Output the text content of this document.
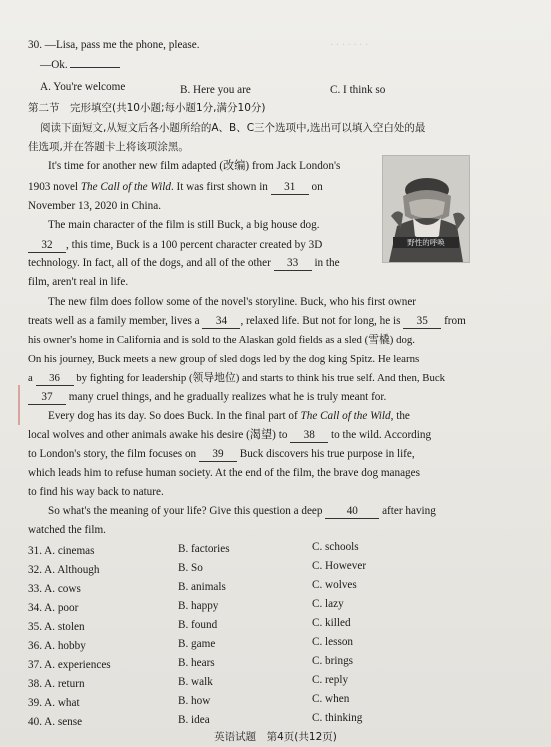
· · · · · · ·
30. —Lisa, pass me the phone, please.
—Ok.
A. You're welcome	B. Here you are	C. I think so
第二节　完形填空(共10小题;每小题1分,满分10分)
阅读下面短文,从短文后各小题所给的A、B、C三个选项中,选出可以填入空白处的最
佳选项,并在答题卡上将该项涂黑。
野性的呼唤
It's time for another new film adapted (改编) from Jack London's
1903 novel The Call of the Wild. It was first shown in 31 on
November 13, 2020 in China.
The main character of the film is still Buck, a big house dog.
32 , this time, Buck is a 100 percent character created by 3D
technology. In fact, all of the dogs, and all of the other 33 in the
film, aren't real in life.
The new film does follow some of the novel's storyline. Buck, who his first owner
treats well as a family member, lives a 34 , relaxed life. But not for long, he is 35 from
his owner's home in California and is sold to the Alaskan gold fields as a sled (雪橇) dog.
On his journey, Buck meets a new group of sled dogs led by the dog king Spitz. He learns
a 36 by fighting for leadership (领导地位) and starts to think his true self. And then, Buck
37 many cruel things, and he gradually realizes what he is truly meant for.
Every dog has its day. So does Buck. In the final part of The Call of the Wild, the
local wolves and other animals awake his desire (渴望) to 38 to the wild. According
to London's story, the film focuses on 39 Buck discovers his true purpose in life,
which leads him to refuse human society. At the end of the film, the brave dog manages
to find his way back to nature.
So what's the meaning of your life? Give this question a deep 40 after having
watched the film.
31. A. cinemas	B. factories	C. schools
32. A. Although	B. So	C. However
33. A. cows	B. animals	C. wolves
34. A. poor	B. happy	C. lazy
35. A. stolen	B. found	C. killed
36. A. hobby	B. game	C. lesson
37. A. experiences	B. hears	C. brings
38. A. return	B. walk	C. reply
39. A. what	B. how	C. when
40. A. sense	B. idea	C. thinking
英语试题　第4页(共12页)
